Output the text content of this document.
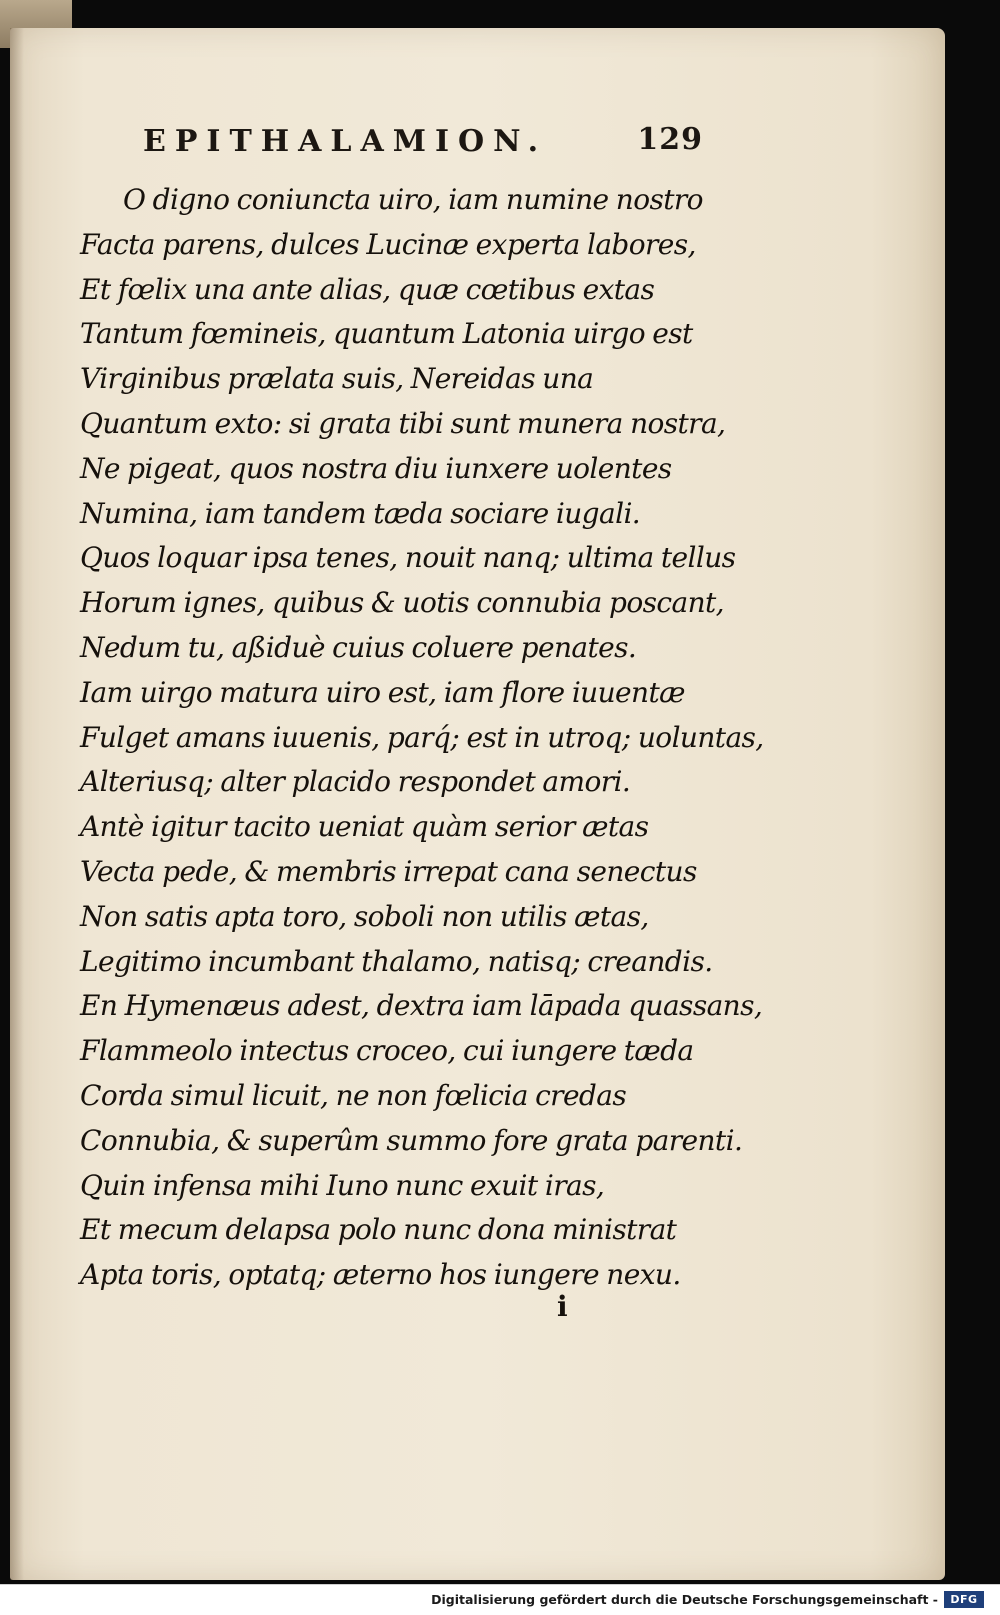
EPITHALAMION.	129
O digno coniuncta uiro, iam numine nostro
Facta parens, dulces Lucinæ experta labores,
Et fœlix una ante alias, quæ cœtibus extas
Tantum fœmineis, quantum Latonia uirgo est
Virginibus prælata suis, Nereidas una
Quantum exto: si grata tibi sunt munera nostra,
Ne pigeat, quos nostra diu iunxere uolentes
Numina, iam tandem tæda sociare iugali.
Quos loquar ipsa tenes, nouit nanq; ultima tellus
Horum ignes, quibus & uotis connubia poscant,
Nedum tu, aßiduè cuius coluere penates.
Iam uirgo matura uiro est, iam flore iuuentæ
Fulget amans iuuenis, parq́; est in utroq; uoluntas,
Alteriusq; alter placido respondet amori.
Antè igitur tacito ueniat quàm serior ætas
Vecta pede, & membris irrepat cana senectus
Non satis apta toro, soboli non utilis ætas,
Legitimo incumbant thalamo, natisq; creandis.
En Hymenæus adest, dextra iam lāpada quassans,
Flammeolo intectus croceo, cui iungere tæda
Corda simul licuit, ne non fœlicia credas
Connubia, & superûm summo fore grata parenti.
Quin infensa mihi Iuno nunc exuit iras,
Et mecum delapsa polo nunc dona ministrat
Apta toris, optatq; æterno hos iungere nexu.
i
Digitalisierung gefördert durch die Deutsche Forschungsgemeinschaft -	DFG
